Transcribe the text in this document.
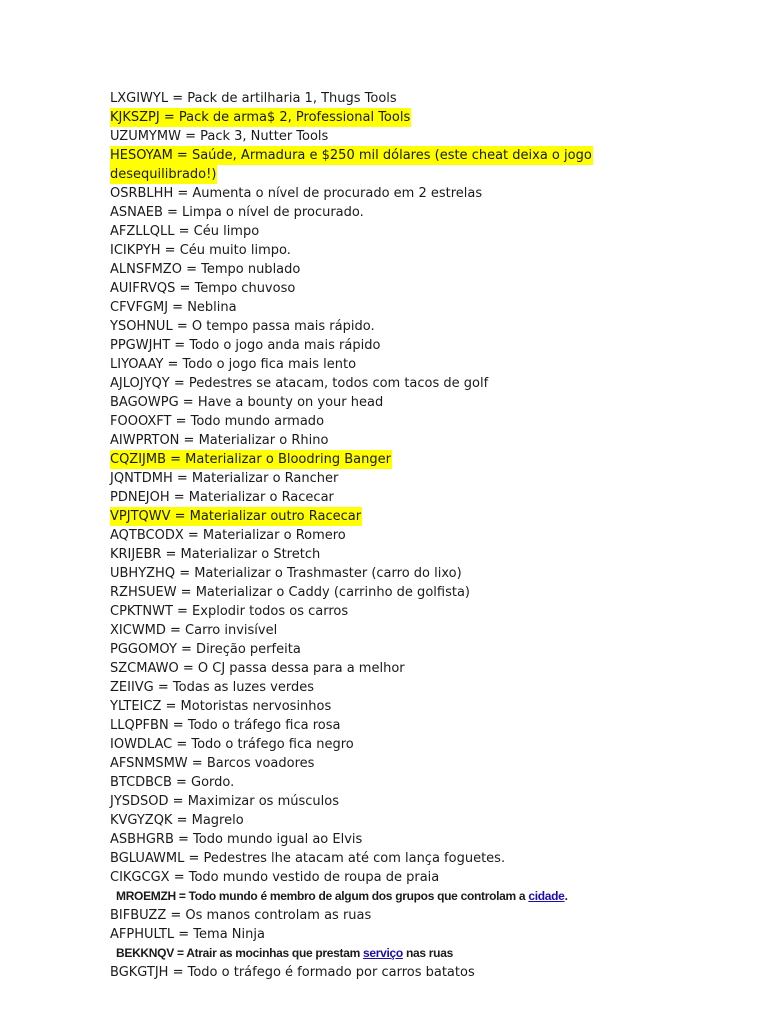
LXGIWYL = Pack de artilharia 1, Thugs Tools
KJKSZPJ = Pack de arma$ 2, Professional Tools
UZUMYMW = Pack 3, Nutter Tools
HESOYAM = Saúde, Armadura e $250 mil dólares (este cheat deixa o jogo
desequilibrado!)
OSRBLHH = Aumenta o nível de procurado em 2 estrelas
ASNAEB = Limpa o nível de procurado.
AFZLLQLL = Céu limpo
ICIKPYH = Céu muito limpo.
ALNSFMZO = Tempo nublado
AUIFRVQS = Tempo chuvoso
CFVFGMJ = Neblina
YSOHNUL = O tempo passa mais rápido.
PPGWJHT = Todo o jogo anda mais rápido
LIYOAAY = Todo o jogo fica mais lento
AJLOJYQY = Pedestres se atacam, todos com tacos de golf
BAGOWPG = Have a bounty on your head
FOOOXFT = Todo mundo armado
AIWPRTON = Materializar o Rhino
CQZIJMB = Materializar o Bloodring Banger
JQNTDMH = Materializar o Rancher
PDNEJOH = Materializar o Racecar
VPJTQWV = Materializar outro Racecar
AQTBCODX = Materializar o Romero
KRIJEBR = Materializar o Stretch
UBHYZHQ = Materializar o Trashmaster (carro do lixo)
RZHSUEW = Materializar o Caddy (carrinho de golfista)
CPKTNWT = Explodir todos os carros
XICWMD = Carro invisível
PGGOMOY = Direção perfeita
SZCMAWO = O CJ passa dessa para a melhor
ZEIIVG = Todas as luzes verdes
YLTEICZ = Motoristas nervosinhos
LLQPFBN = Todo o tráfego fica rosa
IOWDLAC = Todo o tráfego fica negro
AFSNMSMW = Barcos voadores
BTCDBCB = Gordo.
JYSDSOD = Maximizar os músculos
KVGYZQK = Magrelo
ASBHGRB = Todo mundo igual ao Elvis
BGLUAWML = Pedestres lhe atacam até com lança foguetes.
CIKGCGX = Todo mundo vestido de roupa de praia
MROEMZH = Todo mundo é membro de algum dos grupos que controlam a cidade.
BIFBUZZ = Os manos controlam as ruas
AFPHULTL = Tema Ninja
BEKKNQV = Atrair as mocinhas que prestam serviço nas ruas
BGKGTJH = Todo o tráfego é formado por carros batatos
